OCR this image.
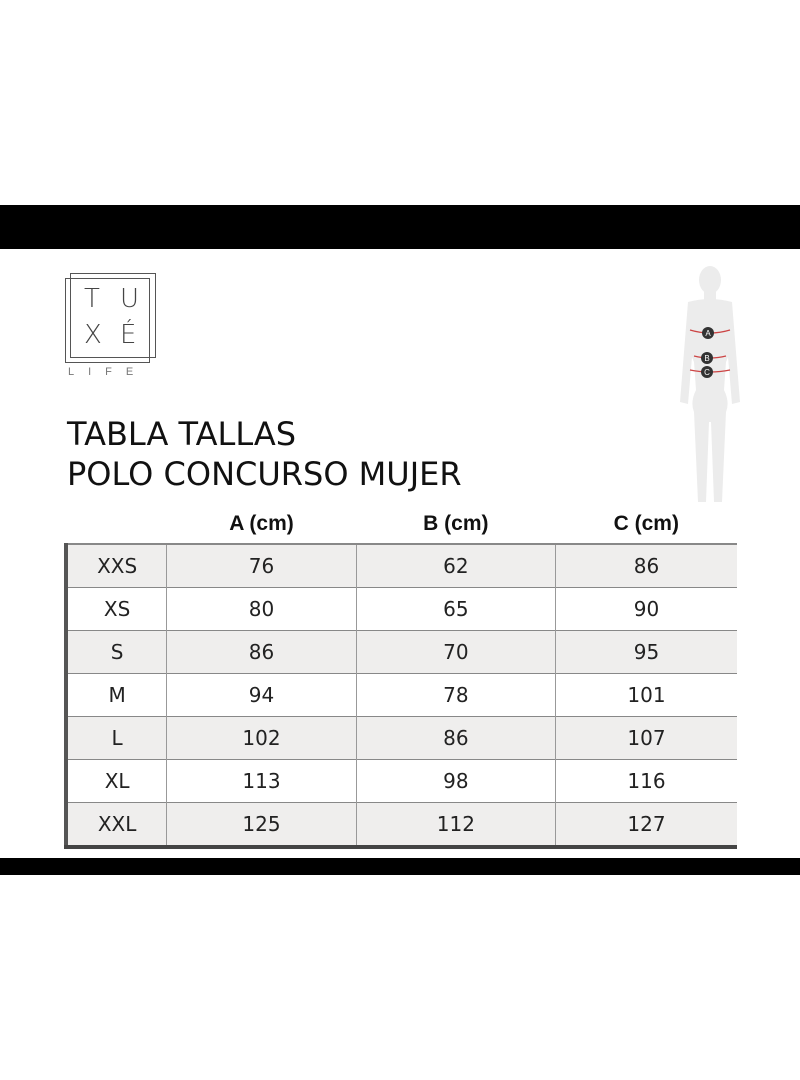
T U
X É
LIFE
TABLA TALLAS
POLO CONCURSO MUJER
A
B
C
	A (cm)	B (cm)	C (cm)
XXS	76	62	86
XS	80	65	90
S	86	70	95
M	94	78	101
L	102	86	107
XL	113	98	116
XXL	125	112	127
